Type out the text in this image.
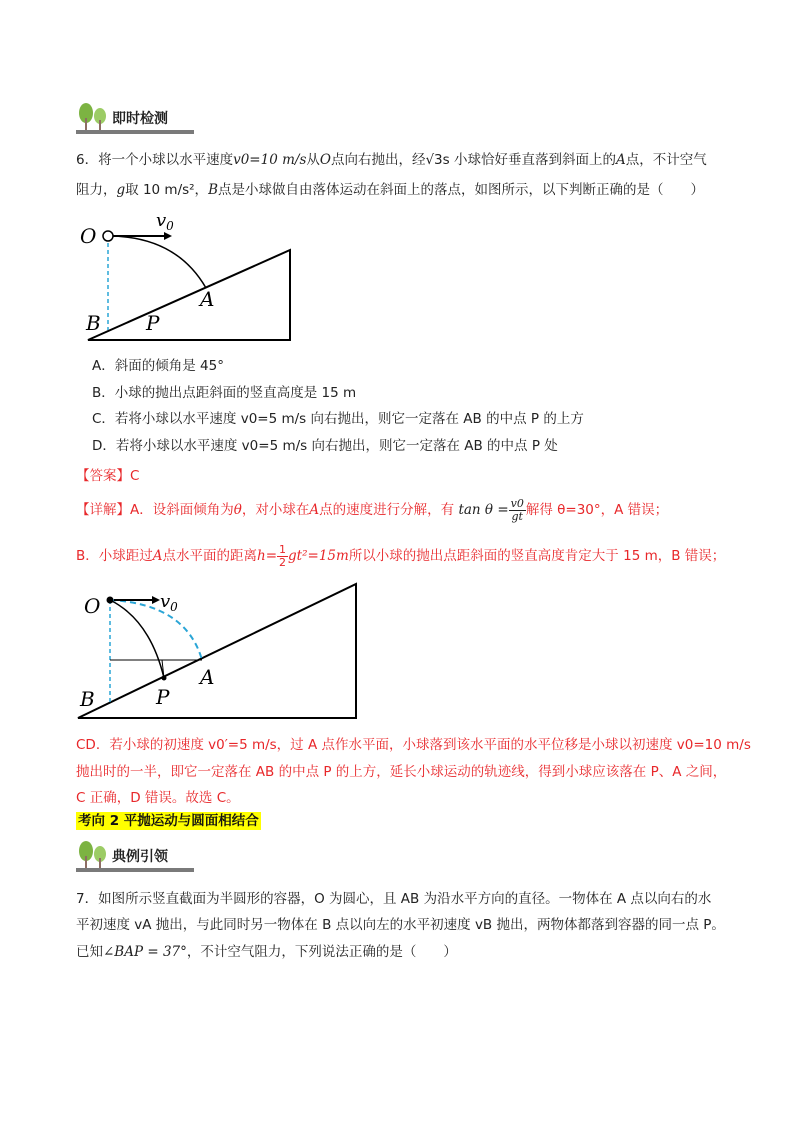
即时检测
6．将一个小球以水平速度v0=10 m/s从O点向右抛出，经√3s 小球恰好垂直落到斜面上的A点，不计空气
阻力，g取 10 m/s²，B点是小球做自由落体运动在斜面上的落点，如图所示，以下判断正确的是（　　）
O
$v_0$
A
B P
A．斜面的倾角是 45°
B．小球的抛出点距斜面的竖直高度是 15 m
C．若将小球以水平速度 v0=5 m/s 向右抛出，则它一定落在 AB 的中点 P 的上方
D．若将小球以水平速度 v0=5 m/s 向右抛出，则它一定落在 AB 的中点 P 处
【答案】C
【详解】A．设斜面倾角为θ，对小球在A点的速度进行分解，有 $\tan \theta = \frac{v0}{gt}$ 解得 θ=30°，A 错误；
B．小球距过A点水平面的距离$h= \frac{1}{2} gt^2=15m$所以小球的抛出点距斜面的竖直高度肯定大于 15 m，B 错误；
O	$v_0$
A
B	P
CD．若小球的初速度 v0′=5 m/s，过 A 点作水平面，小球落到该水平面的水平位移是小球以初速度 v0=10 m/s
抛出时的一半，即它一定落在 AB 的中点 P 的上方，延长小球运动的轨迹线，得到小球应该落在 P、A 之间，
C 正确，D 错误。故选 C。
考向 2 平抛运动与圆面相结合
典例引领
7．如图所示竖直截面为半圆形的容器，O 为圆心，且 AB 为沿水平方向的直径。一物体在 A 点以向右的水
平初速度 vA 抛出，与此同时另一物体在 B 点以向左的水平初速度 vB 抛出，两物体都落到容器的同一点 P。
已知∠BAP = 37°，不计空气阻力，下列说法正确的是（　　）
